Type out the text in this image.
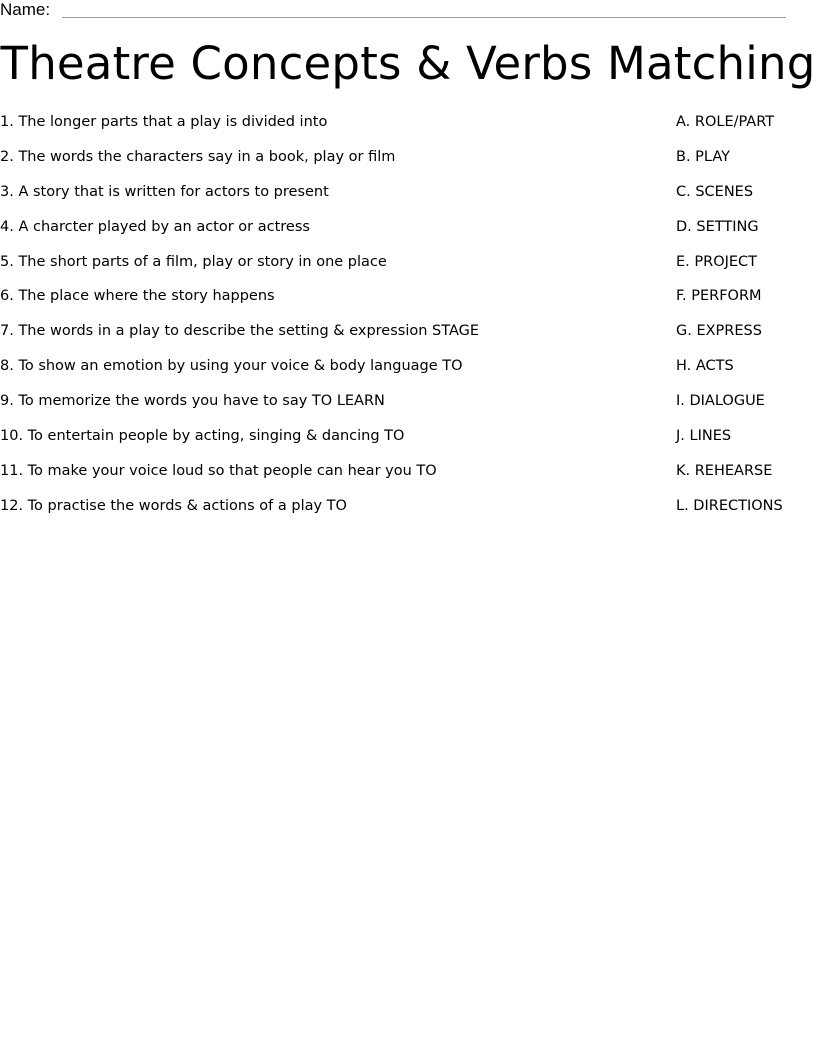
Name:
Theatre Concepts & Verbs Matching
1. The longer parts that a play is divided into	A. ROLE/PART
2. The words the characters say in a book, play or film	B. PLAY
3. A story that is written for actors to present	C. SCENES
4. A charcter played by an actor or actress	D. SETTING
5. The short parts of a film, play or story in one place	E. PROJECT
6. The place where the story happens	F. PERFORM
7. The words in a play to describe the setting & expression STAGE	G. EXPRESS
8. To show an emotion by using your voice & body language TO	H. ACTS
9. To memorize the words you have to say TO LEARN	I. DIALOGUE
10. To entertain people by acting, singing & dancing TO	J. LINES
11. To make your voice loud so that people can hear you TO	K. REHEARSE
12. To practise the words & actions of a play TO	L. DIRECTIONS
